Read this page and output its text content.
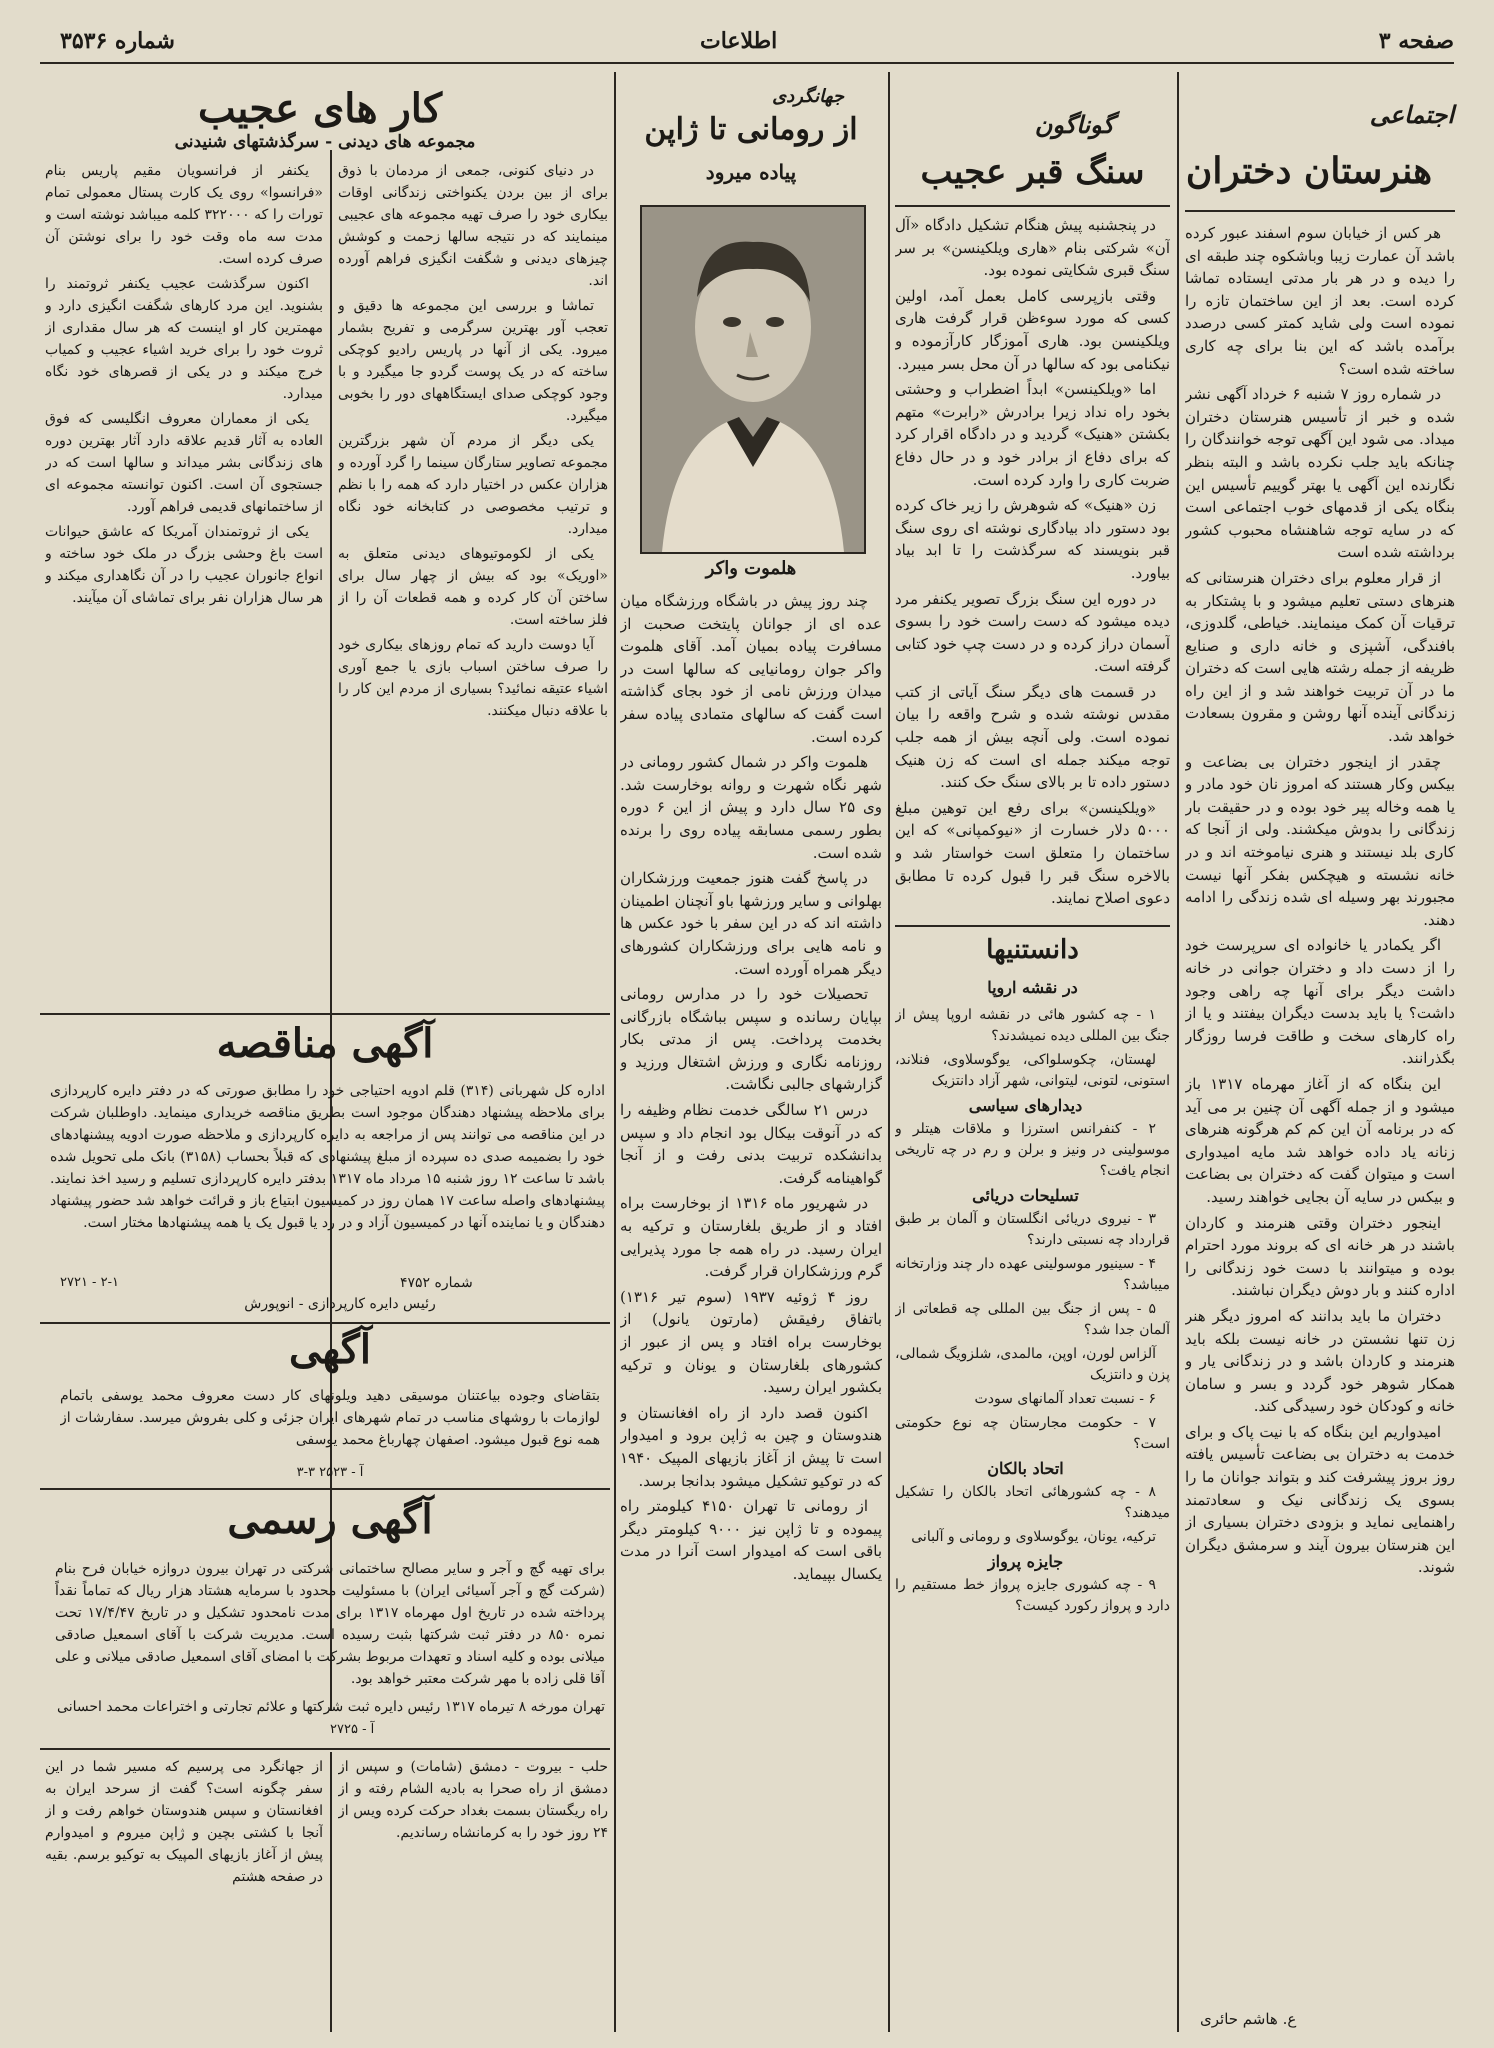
صفحه ۳
اطلاعات
شماره ۳۵۳۶
اجتماعی
هنرستان دختران

هر کس از خیابان سوم اسفند عبور کرده باشد آن عمارت زیبا وباشکوه چند طبقه ای را دیده و در هر بار مدتی ایستاده تماشا کرده است. بعد از این ساختمان تازه را نموده است ولی شاید کمتر کسی درصدد برآمده باشد که این بنا برای چه کاری ساخته شده است؟

در شماره روز ۷ شنبه ۶ خرداد آگهی نشر شده و خبر از تأسیس هنرستان دختران میداد. می شود این آگهی توجه خوانندگان را چنانکه باید جلب نکرده باشد و البته بنظر نگارنده این آگهی یا بهتر گوییم تأسیس این بنگاه یکی از قدمهای خوب اجتماعی است که در سایه توجه شاهنشاه محبوب کشور برداشته شده است

از قرار معلوم برای دختران هنرستانی که هنرهای دستی تعلیم میشود و با پشتکار به ترقیات آن کمک مینمایند. خیاطی، گلدوزی، بافندگی، آشپزی و خانه داری و صنایع ظریفه از جمله رشته هایی است که دختران ما در آن تربیت خواهند شد و از این راه زندگانی آینده آنها روشن و مقرون بسعادت خواهد شد.

چقدر از اینجور دختران بی بضاعت و بیکس وکار هستند که امروز نان خود مادر و یا همه وخاله پیر خود بوده و در حقیقت بار زندگانی را بدوش میکشند. ولی از آنجا که کاری بلد نیستند و هنری نیاموخته اند و در خانه نشسته و هیچکس بفکر آنها نیست مجبورند بهر وسیله ای شده زندگی را ادامه دهند.

اگر یکمادر یا خانواده ای سرپرست خود را از دست داد و دختران جوانی در خانه داشت دیگر برای آنها چه راهی وجود داشت؟ یا باید بدست دیگران بیفتند و یا از راه کارهای سخت و طاقت فرسا روزگار بگذرانند.

این بنگاه که از آغاز مهرماه ۱۳۱۷ باز میشود و از جمله آگهی آن چنین بر می آید که در برنامه آن این کم کم هرگونه هنرهای زنانه یاد داده خواهد شد مایه امیدواری است و میتوان گفت که دختران بی بضاعت و بیکس در سایه آن بجایی خواهند رسید.

اینجور دختران وقتی هنرمند و کاردان باشند در هر خانه ای که بروند مورد احترام بوده و میتوانند با دست خود زندگانی را اداره کنند و بار دوش دیگران نباشند.

دختران ما باید بدانند که امروز دیگر هنر زن تنها نشستن در خانه نیست بلکه باید هنرمند و کاردان باشد و در زندگانی یار و همکار شوهر خود گردد و بسر و سامان خانه و کودکان خود رسیدگی کند.

امیدواریم این بنگاه که با نیت پاک و برای خدمت به دختران بی بضاعت تأسیس یافته روز بروز پیشرفت کند و بتواند جوانان ما را بسوی یک زندگانی نیک و سعادتمند راهنمایی نماید و بزودی دختران بسیاری از این هنرستان بیرون آیند و سرمشق دیگران شوند.

ع. هاشم حائری
گوناگون
سنگ قبر عجیب

در پنجشنبه پیش هنگام تشکیل دادگاه «آل آن» شرکتی بنام «هاری ویلکینسن» بر سر سنگ قبری شکایتی نموده بود.

وقتی بازپرسی کامل بعمل آمد، اولین کسی که مورد سوءظن قرار گرفت هاری ویلکینسن بود. هاری آموزگار کارآزموده و نیکنامی بود که سالها در آن محل بسر میبرد.

اما «ویلکینسن» ابداً اضطراب و وحشتی بخود راه نداد زیرا برادرش «رابرت» متهم بکشتن «هنیک» گردید و در دادگاه اقرار کرد که برای دفاع از برادر خود و در حال دفاع ضربت کاری را وارد کرده است.

زن «هنیک» که شوهرش را زیر خاک کرده بود دستور داد بیادگاری نوشته ای روی سنگ قبر بنویسند که سرگذشت را تا ابد بیاد بیاورد.

در دوره این سنگ بزرگ تصویر یکنفر مرد دیده میشود که دست راست خود را بسوی آسمان دراز کرده و در دست چپ خود کتابی گرفته است.

در قسمت های دیگر سنگ آیاتی از کتب مقدس نوشته شده و شرح واقعه را بیان نموده است. ولی آنچه بیش از همه جلب توجه میکند جمله ای است که زن هنیک دستور داده تا بر بالای سنگ حک کنند.

«ویلکینسن» برای رفع این توهین مبلغ ۵۰۰۰ دلار خسارت از «نیوکمپانی» که این ساختمان را متعلق است خواستار شد و بالاخره سنگ قبر را قبول کرده تا مطابق دعوی اصلاح نمایند.

دانستنیها
در نقشه اروپا

۱ - چه کشور هائی در نقشه اروپا پیش از جنگ بین المللی دیده نمیشدند؟

لهستان، چکوسلواکی، یوگوسلاوی، فنلاند، استونی، لتونی، لیتوانی، شهر آزاد دانتزیک

دیدارهای سیاسی

۲ - کنفرانس استرزا و ملاقات هیتلر و موسولینی در ونیز و برلن و رم در چه تاریخی انجام یافت؟

تسلیحات دریائی

۳ - نیروی دریائی انگلستان و آلمان بر طبق قرارداد چه نسبتی دارند؟

۴ - سینیور موسولینی عهده دار چند وزارتخانه میباشد؟

۵ - پس از جنگ بین المللی چه قطعاتی از آلمان جدا شد؟

آلزاس لورن، اوپن، مالمدی، شلزویگ شمالی، پزن و دانتزیک

۶ - نسبت تعداد آلمانهای سودت

۷ - حکومت مجارستان چه نوع حکومتی است؟

اتحاد بالکان

۸ - چه کشورهائی اتحاد بالکان را تشکیل میدهند؟

ترکیه، یونان، یوگوسلاوی و رومانی و آلبانی

جایزه پرواز

۹ - چه کشوری جایزه پرواز خط مستقیم را دارد و پرواز رکورد کیست؟

جهانگردی
از رومانی تا ژاپن
پیاده میرود
هلموت واکر

چند روز پیش در باشگاه ورزشگاه میان عده ای از جوانان پایتخت صحبت از مسافرت پیاده بمیان آمد. آقای هلموت واکر جوان رومانیایی که سالها است در میدان ورزش نامی از خود بجای گذاشته است گفت که سالهای متمادی پیاده سفر کرده است.

هلموت واکر در شمال کشور رومانی در شهر نگاه شهرت و روانه بوخارست شد. وی ۲۵ سال دارد و پیش از این ۶ دوره بطور رسمی مسابقه پیاده روی را برنده شده است.

در پاسخ گفت هنوز جمعیت ورزشکاران بهلوانی و سایر ورزشها باو آنچنان اطمینان داشته اند که در این سفر با خود عکس ها و نامه هایی برای ورزشکاران کشورهای دیگر همراه آورده است.

تحصیلات خود را در مدارس رومانی بپایان رسانده و سپس بباشگاه بازرگانی بخدمت پرداخت. پس از مدتی بکار روزنامه نگاری و ورزش اشتغال ورزید و گزارشهای جالبی نگاشت.

درس ۲۱ سالگی خدمت نظام وظیفه را که در آنوقت بیکال بود انجام داد و سپس بدانشکده تربیت بدنی رفت و از آنجا گواهینامه گرفت.

در شهریور ماه ۱۳۱۶ از بوخارست براه افتاد و از طریق بلغارستان و ترکیه به ایران رسید. در راه همه جا مورد پذیرایی گرم ورزشکاران قرار گرفت.

روز ۴ ژوئیه ۱۹۳۷ (سوم تیر ۱۳۱۶) باتفاق رفیقش (مارتون یانول) از بوخارست براه افتاد و پس از عبور از کشورهای بلغارستان و یونان و ترکیه بکشور ایران رسید.

اکنون قصد دارد از راه افغانستان و هندوستان و چین به ژاپن برود و امیدوار است تا پیش از آغاز بازیهای المپیک ۱۹۴۰ که در توکیو تشکیل میشود بدانجا برسد.

از رومانی تا تهران ۴۱۵۰ کیلومتر راه پیموده و تا ژاپن نیز ۹۰۰۰ کیلومتر دیگر باقی است که امیدوار است آنرا در مدت یکسال بپیماید.

کار های عجیب
مجموعه های دیدنی - سرگذشتهای شنیدنی

در دنیای کنونی، جمعی از مردمان با ذوق برای از بین بردن یکنواختی زندگانی اوقات بیکاری خود را صرف تهیه مجموعه های عجیبی مینمایند که در نتیجه سالها زحمت و کوشش چیزهای دیدنی و شگفت انگیزی فراهم آورده اند.

تماشا و بررسی این مجموعه ها دقیق و تعجب آور بهترین سرگرمی و تفریح بشمار میرود. یکی از آنها در پاریس رادیو کوچکی ساخته که در یک پوست گردو جا میگیرد و با وجود کوچکی صدای ایستگاههای دور را بخوبی میگیرد.

یکی دیگر از مردم آن شهر بزرگترین مجموعه تصاویر ستارگان سینما را گرد آورده و هزاران عکس در اختیار دارد که همه را با نظم و ترتیب مخصوصی در کتابخانه خود نگاه میدارد.

یکی از لکوموتیوهای دیدنی متعلق به «اوریک» بود که بیش از چهار سال برای ساختن آن کار کرده و همه قطعات آن را از فلز ساخته است.

آیا دوست دارید که تمام روزهای بیکاری خود را صرف ساختن اسباب بازی یا جمع آوری اشیاء عتیقه نمائید؟ بسیاری از مردم این کار را با علاقه دنبال میکنند.

یکنفر از فرانسویان مقیم پاریس بنام «فرانسوا» روی یک کارت پستال معمولی تمام تورات را که ۳۲۲۰۰۰ کلمه میباشد نوشته است و مدت سه ماه وقت خود را برای نوشتن آن صرف کرده است.

اکنون سرگذشت عجیب یکنفر ثروتمند را بشنوید. این مرد کارهای شگفت انگیزی دارد و مهمترین کار او اینست که هر سال مقداری از ثروت خود را برای خرید اشیاء عجیب و کمیاب خرج میکند و در یکی از قصرهای خود نگاه میدارد.

یکی از معماران معروف انگلیسی که فوق العاده به آثار قدیم علاقه دارد آثار بهترین دوره های زندگانی بشر میداند و سالها است که در جستجوی آن است. اکنون توانسته مجموعه ای از ساختمانهای قدیمی فراهم آورد.

یکی از ثروتمندان آمریکا که عاشق حیوانات است باغ وحشی بزرگ در ملک خود ساخته و انواع جانوران عجیب را در آن نگاهداری میکند و هر سال هزاران نفر برای تماشای آن میآیند.

آگهی مناقصه
اداره کل شهربانی (۳۱۴) قلم ادویه احتیاجی خود را مطابق صورتی که در دفتر دایره کارپردازی برای ملاحظه پیشنهاد دهندگان موجود است بطریق مناقصه خریداری مینماید. داوطلبان شرکت در این مناقصه می توانند پس از مراجعه به دایره کارپردازی و ملاحظه صورت ادویه پیشنهادهای خود را بضمیمه صدی ده سپرده از مبلغ پیشنهادی که قبلاً بحساب (۳۱۵۸) بانک ملی تحویل شده باشد تا ساعت ۱۲ روز شنبه ۱۵ مرداد ماه ۱۳۱۷ بدفتر دایره کارپردازی تسلیم و رسید اخذ نمایند. پیشنهادهای واصله ساعت ۱۷ همان روز در کمیسیون ابتیاع باز و قرائت خواهد شد حضور پیشنهاد دهندگان و یا نماینده آنها در کمیسیون آزاد و در رد یا قبول یک یا همه پیشنهادها مختار است.
شماره ۴۷۵۲
رئیس دایره کارپردازی - انوپورش
۲۷۲۱ - ۲-۱
آگهی
بتقاضای وجوده بیاعتنان موسیقی دهید ویلونهای کار دست معروف محمد یوسفی باتمام لوازمات با روشهای مناسب در تمام شهرهای ایران جزئی و کلی بفروش میرسد. سفارشات از همه نوع قبول میشود. اصفهان چهارباغ محمد یوسفی
آ - ۲۵۲۳ ۳-۳
آگهی رسمی
برای تهیه گچ و آجر و سایر مصالح ساختمانی شرکتی در تهران بیرون دروازه خیابان فرح بنام (شرکت گچ و آجر آسیائی ایران) با مسئولیت محدود با سرمایه هشتاد هزار ریال که تماماً نقداً پرداخته شده در تاریخ اول مهرماه ۱۳۱۷ برای مدت نامحدود تشکیل و در تاریخ ۱۷/۴/۴۷ تحت نمره ۸۵۰ در دفتر ثبت شرکتها بثبت رسیده است. مدیریت شرکت با آقای اسمعیل صادقی میلانی بوده و کلیه اسناد و تعهدات مربوط بشرکت با امضای آقای اسمعیل صادقی میلانی و علی آقا قلی زاده با مهر شرکت معتبر خواهد بود.
تهران مورخه ۸ تیرماه ۱۳۱۷ رئیس دایره ثبت شرکتها و علائم تجارتی و اختراعات محمد احسانی
آ - ۲۷۲۵
حلب - بیروت - دمشق (شامات) و سپس از دمشق از راه صحرا به بادیه الشام رفته و از راه ریگستان بسمت بغداد حرکت کرده ویس از ۲۴ روز خود را به کرمانشاه رساندیم.
از جهانگرد می پرسیم که مسیر شما در این سفر چگونه است؟ گفت از سرحد ایران به افغانستان و سپس هندوستان خواهم رفت و از آنجا با کشتی بچین و ژاپن میروم و امیدوارم پیش از آغاز بازیهای المپیک به توکیو برسم. بقیه در صفحه هشتم
